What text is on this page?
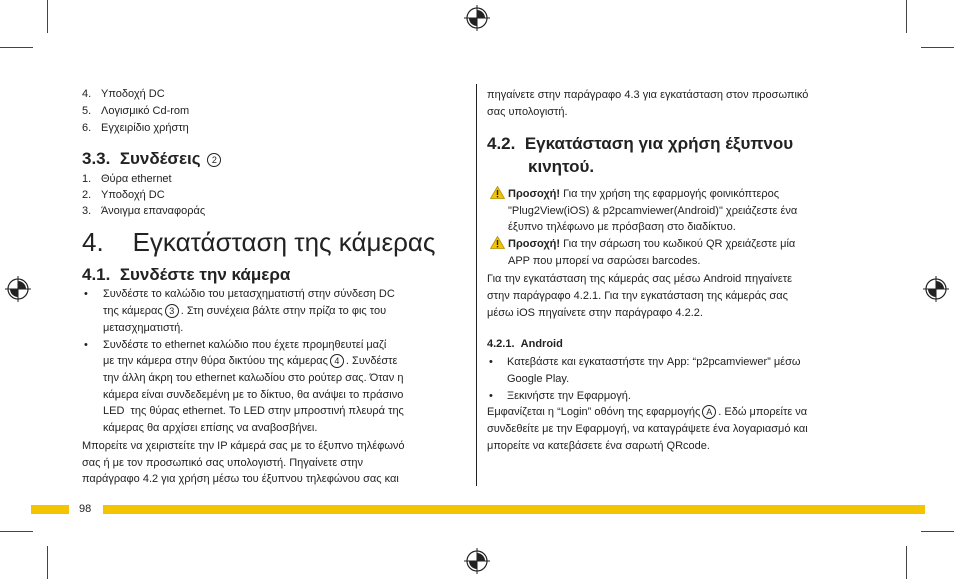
4. Υποδοχή DC
5. Λογισμικό Cd-rom
6. Εγχειρίδιο χρήστη
3.3. Συνδέσεις 2
1. Θύρα ethernet
2. Υποδοχή DC
3. Άνοιγμα επαναφοράς
4. Εγκατάσταση της κάμερας
4.1. Συνδέστε την κάμερα
• Συνδέστε το καλώδιο του μετασχηματιστή στην σύνδεση DC
της κάμερας 3 . Στη συνέχεια βάλτε στην πρίζα το φις του
μετασχηματιστή.
• Συνδέστε το ethernet καλώδιο που έχετε προμηθευτεί μαζί
με την κάμερα στην θύρα δικτύου της κάμερας 4 . Συνδέστε
την άλλη άκρη του ethernet καλωδίου στο ρούτερ σας. Όταν η
κάμερα είναι συνδεδεμένη με το δίκτυο, θα ανάψει το πράσινο
LED  της θύρας ethernet. Το LED στην μπροστινή πλευρά της
κάμερας θα αρχίσει επίσης να αναβοσβήνει.
Μπορείτε να χειριστείτε την IP κάμερά σας με το έξυπνο τηλέφωνό
σας ή με τον προσωπικό σας υπολογιστή. Πηγαίνετε στην
παράγραφο 4.2 για χρήση μέσω του έξυπνου τηλεφώνου σας και
πηγαίνετε στην παράγραφο 4.3 για εγκατάσταση στον προσωπικό
σας υπολογιστή.
4.2. Εγκατάσταση για χρήση έξυπνου
κινητού.
Προσοχή! Για την χρήση της εφαρμογής φοινικόπτερος
"Plug2View(iOS) & p2pcamviewer(Android)" χρειάζεστε ένα
έξυπνο τηλέφωνο με πρόσβαση στο διαδίκτυο.
Προσοχή! Για την σάρωση του κωδικού QR χρειάζεστε μία
APP που μπορεί να σαρώσει barcodes.
Για την εγκατάσταση της κάμεράς σας μέσω Android πηγαίνετε
στην παράγραφο 4.2.1. Για την εγκατάσταση της κάμεράς σας
μέσω iOS πηγαίνετε στην παράγραφο 4.2.2.
4.2.1. Android
• Κατεβάστε και εγκαταστήστε την App: “p2pcamviewer” μέσω
Google Play.
• Ξεκινήστε την Εφαρμογή.
Εμφανίζεται η “Login” οθόνη της εφαρμογής A . Εδώ μπορείτε να
συνδεθείτε με την Εφαρμογή, να καταγράψετε ένα λογαριασμό και
μπορείτε να κατεβάσετε ένα σαρωτή QRcode.
98
